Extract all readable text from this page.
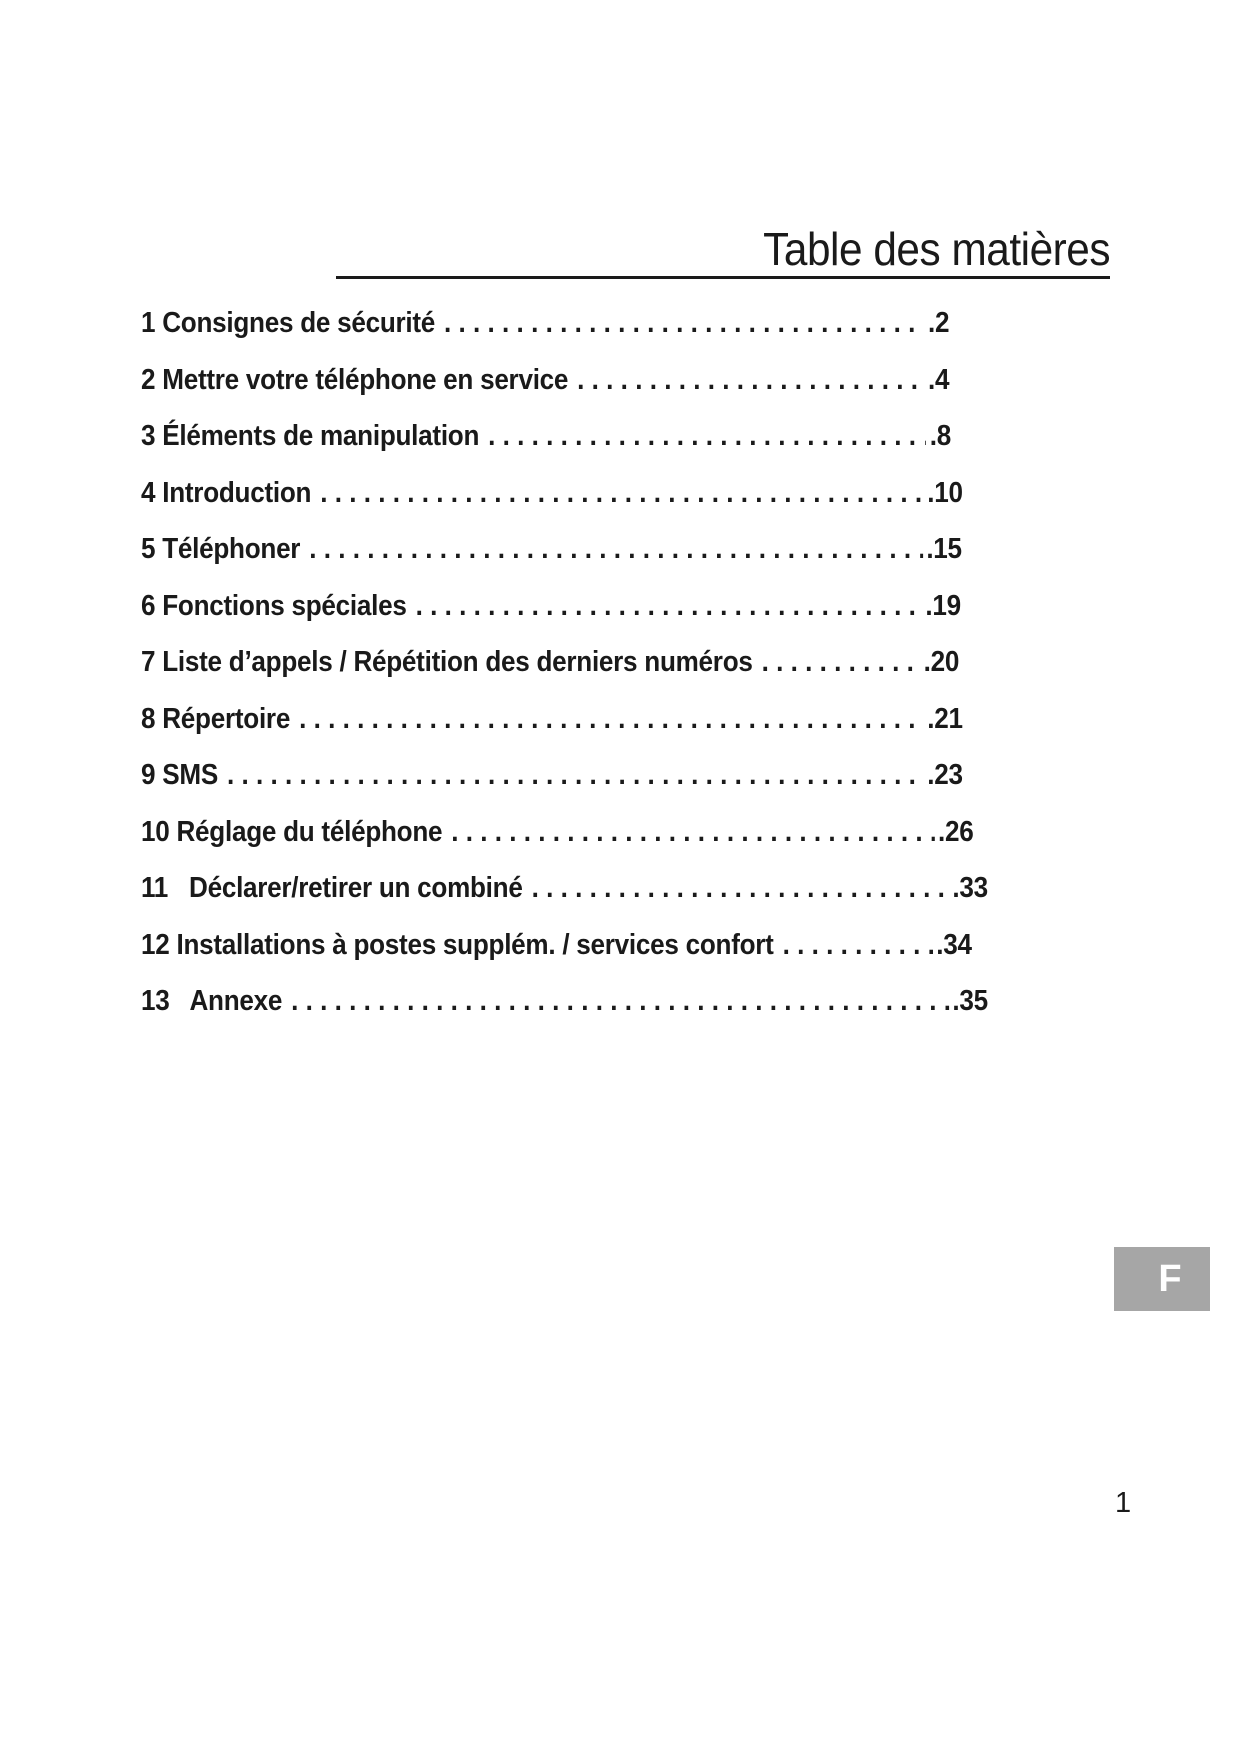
Table des matières
1 Consignes de sécurité . . .	.2
2 Mettre votre téléphone en service . . .	.4
3 Éléments de manipulation . . .	.8
4 Introduction . . .	.10
5 Téléphoner . . .	.15
6 Fonctions spéciales . . .	.19
7 Liste d’appels / Répétition des derniers numéros . . .	.20
8 Répertoire . . .	.21
9 SMS . . .	.23
10 Réglage du téléphone . . .	.26
11   Déclarer/retirer un combiné . . .	.33
12 Installations à postes supplém. / services confort . . .	.34
13   Annexe . . .	.35
F
1
